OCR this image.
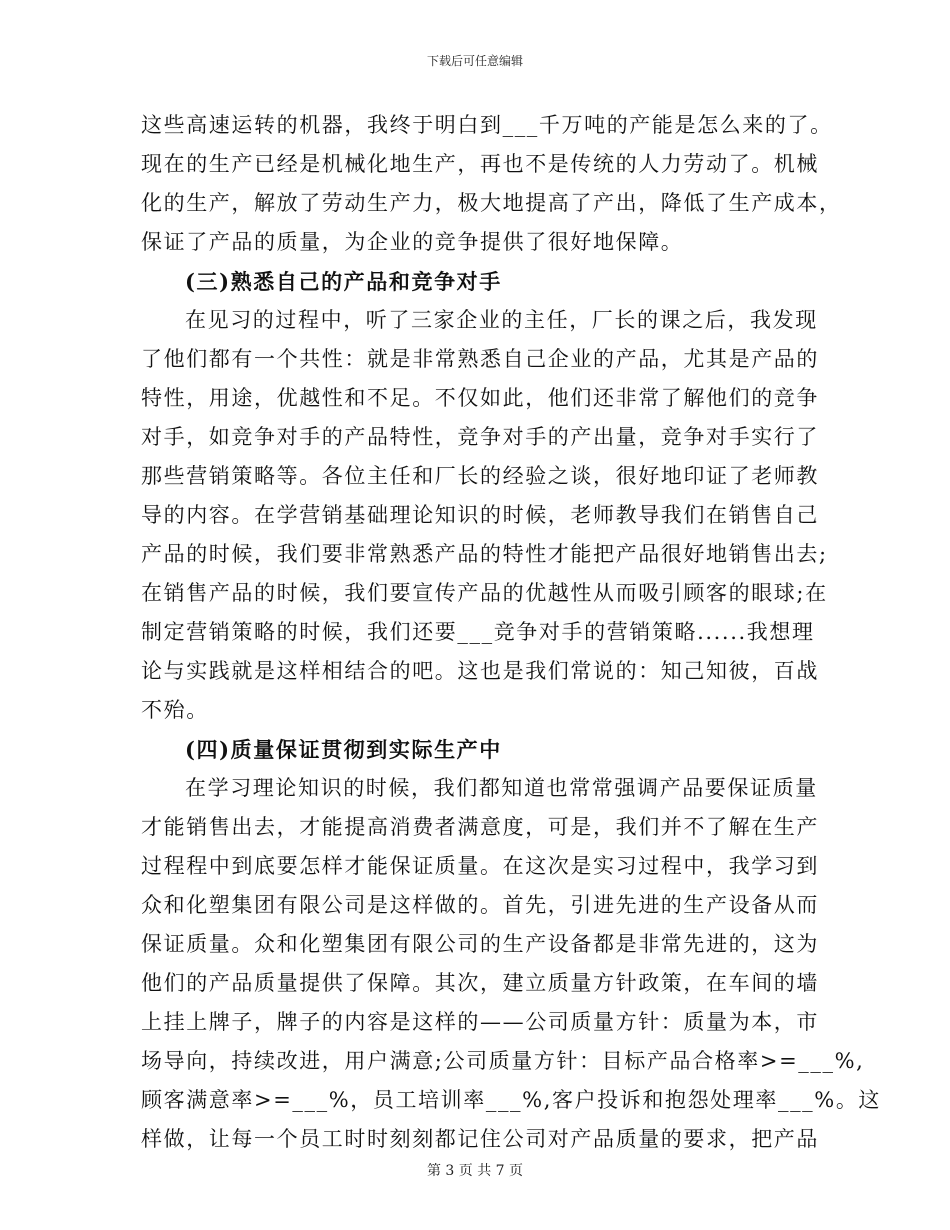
下载后可任意编辑
这些高速运转的机器，我终于明白到___千万吨的产能是怎么来的了。
现在的生产已经是机械化地生产，再也不是传统的人力劳动了。机械
化的生产，解放了劳动生产力，极大地提高了产出，降低了生产成本，
保证了产品的质量，为企业的竞争提供了很好地保障。
(三)熟悉自己的产品和竞争对手
在见习的过程中，听了三家企业的主任，厂长的课之后，我发现
了他们都有一个共性：就是非常熟悉自己企业的产品，尤其是产品的
特性，用途，优越性和不足。不仅如此，他们还非常了解他们的竞争
对手，如竞争对手的产品特性，竞争对手的产出量，竞争对手实行了
那些营销策略等。各位主任和厂长的经验之谈，很好地印证了老师教
导的内容。在学营销基础理论知识的时候，老师教导我们在销售自己
产品的时候，我们要非常熟悉产品的特性才能把产品很好地销售出去;
在销售产品的时候，我们要宣传产品的优越性从而吸引顾客的眼球;在
制定营销策略的时候，我们还要___竞争对手的营销策略......我想理
论与实践就是这样相结合的吧。这也是我们常说的：知己知彼，百战
不殆。
(四)质量保证贯彻到实际生产中
在学习理论知识的时候，我们都知道也常常强调产品要保证质量
才能销售出去，才能提高消费者满意度，可是，我们并不了解在生产
过程程中到底要怎样才能保证质量。在这次是实习过程中，我学习到
众和化塑集团有限公司是这样做的。首先，引进先进的生产设备从而
保证质量。众和化塑集团有限公司的生产设备都是非常先进的，这为
他们的产品质量提供了保障。其次，建立质量方针政策，在车间的墙
上挂上牌子，牌子的内容是这样的——公司质量方针：质量为本，市
场导向，持续改进，用户满意;公司质量方针：目标产品合格率>=___%,
顾客满意率>=___%，员工培训率___%,客户投诉和抱怨处理率___%。这
样做，让每一个员工时时刻刻都记住公司对产品质量的要求，把产品
第 3 页 共 7 页
